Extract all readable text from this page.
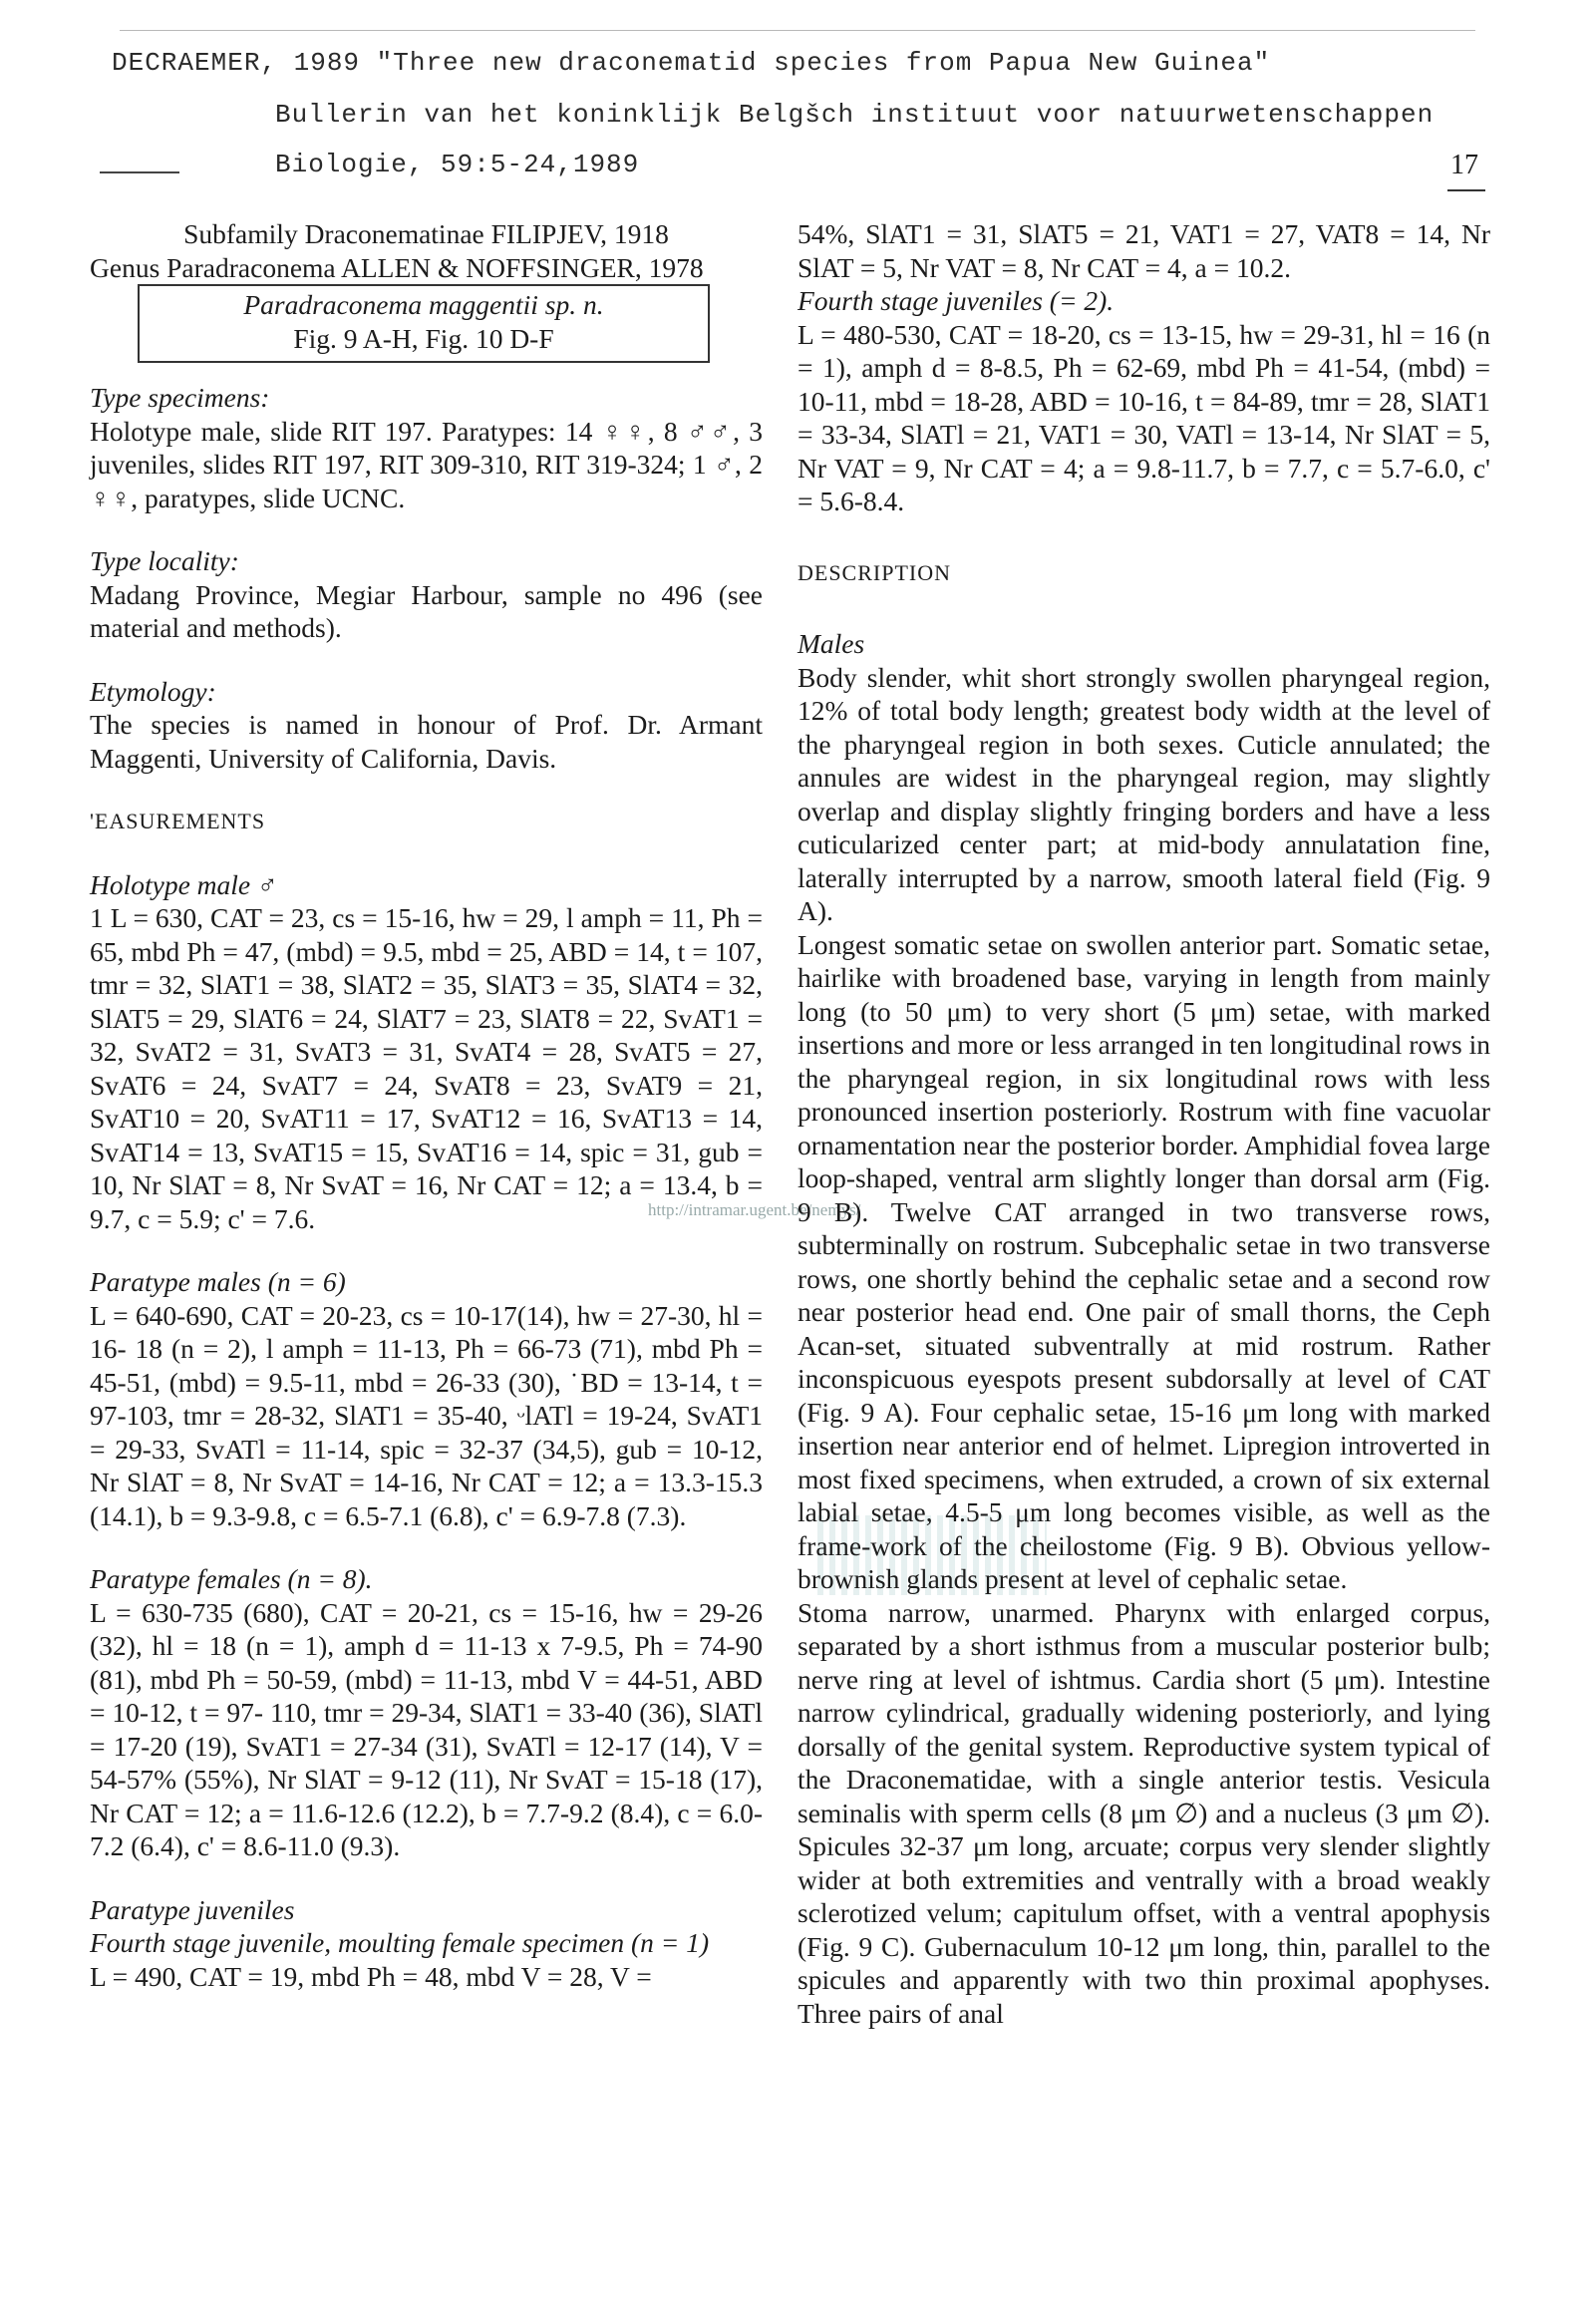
DECRAEMER, 1989 "Three new draconematid species from Papua New Guinea"
Bullerin van het koninklijk Belgšch instituut voor natuurwetenschappen
Biologie, 59:5-24,1989	17
http://intramar.ugent.be/nemys/

Subfamily Draconematinae FILIPJEV, 1918

Genus Paradraconema ALLEN & NOFFSINGER, 1978

Paradraconema maggentii sp. n.

Fig. 9 A-H, Fig. 10 D-F

Type specimens:

Holotype male, slide RIT 197. Paratypes: 14 ♀♀, 8 ♂♂, 3 juveniles, slides RIT 197, RIT 309-310, RIT 319-324; 1 ♂, 2 ♀♀, paratypes, slide UCNC.

Type locality:

Madang Province, Megiar Harbour, sample no 496 (see material and methods).

Etymology:

The species is named in honour of Prof. Dr. Armant Maggenti, University of California, Davis.

'EASUREMENTS

Holotype male ♂

1 L = 630, CAT = 23, cs = 15-16, hw = 29, l amph = 11, Ph = 65, mbd Ph = 47, (mbd) = 9.5, mbd = 25, ABD = 14, t = 107, tmr = 32, SlAT1 = 38, SlAT2 = 35, SlAT3 = 35, SlAT4 = 32, SlAT5 = 29, SlAT6 = 24, SlAT7 = 23, SlAT8 = 22, SvAT1 = 32, SvAT2 = 31, SvAT3 = 31, SvAT4 = 28, SvAT5 = 27, SvAT6 = 24, SvAT7 = 24, SvAT8 = 23, SvAT9 = 21, SvAT10 = 20, SvAT11 = 17, SvAT12 = 16, SvAT13 = 14, SvAT14 = 13, SvAT15 = 15, SvAT16 = 14, spic = 31, gub = 10, Nr SlAT = 8, Nr SvAT = 16, Nr CAT = 12; a = 13.4, b = 9.7, c = 5.9; c' = 7.6.

Paratype males (n = 6)

L = 640-690, CAT = 20-23, cs = 10-17(14), hw = 27-30, hl = 16- 18 (n = 2), l amph = 11-13, Ph = 66-73 (71), mbd Ph = 45-51, (mbd) = 9.5-11, mbd = 26-33 (30), ˙BD = 13-14, t = 97-103, tmr = 28-32, SlAT1 = 35-40, ᵕlATl = 19-24, SvAT1 = 29-33, SvATl = 11-14, spic = 32-37 (34,5), gub = 10-12, Nr SlAT = 8, Nr SvAT = 14-16, Nr CAT = 12; a = 13.3-15.3 (14.1), b = 9.3-9.8, c = 6.5-7.1 (6.8), c' = 6.9-7.8 (7.3).

Paratype females (n = 8).

L = 630-735 (680), CAT = 20-21, cs = 15-16, hw = 29-26 (32), hl = 18 (n = 1), amph d = 11-13 x 7-9.5, Ph = 74-90 (81), mbd Ph = 50-59, (mbd) = 11-13, mbd V = 44-51, ABD = 10-12, t = 97- 110, tmr = 29-34, SlAT1 = 33-40 (36), SlATl = 17-20 (19), SvAT1 = 27-34 (31), SvATl = 12-17 (14), V = 54-57% (55%), Nr SlAT = 9-12 (11), Nr SvAT = 15-18 (17), Nr CAT = 12; a = 11.6-12.6 (12.2), b = 7.7-9.2 (8.4), c = 6.0-7.2 (6.4), c' = 8.6-11.0 (9.3).

Paratype juveniles

Fourth stage juvenile, moulting female specimen (n = 1)

L = 490, CAT = 19, mbd Ph = 48, mbd V = 28, V =

54%, SlAT1 = 31, SlAT5 = 21, VAT1 = 27, VAT8 = 14, Nr SlAT = 5, Nr VAT = 8, Nr CAT = 4, a = 10.2.

Fourth stage juveniles (= 2).

L = 480-530, CAT = 18-20, cs = 13-15, hw = 29-31, hl = 16 (n = 1), amph d = 8-8.5, Ph = 62-69, mbd Ph = 41-54, (mbd) = 10-11, mbd = 18-28, ABD = 10-16, t = 84-89, tmr = 28, SlAT1 = 33-34, SlATl = 21, VAT1 = 30, VATl = 13-14, Nr SlAT = 5, Nr VAT = 9, Nr CAT = 4; a = 9.8-11.7, b = 7.7, c = 5.7-6.0, c' = 5.6-8.4.

DESCRIPTION

Males

Body slender, whit short strongly swollen pharyngeal region, 12% of total body length; greatest body width at the level of the pharyngeal region in both sexes. Cuticle annulated; the annules are widest in the pharyngeal region, may slightly overlap and display slightly fringing borders and have a less cuticularized center part; at mid-body annulatation fine, laterally interrupted by a narrow, smooth lateral field (Fig. 9 A).

Longest somatic setae on swollen anterior part. Somatic setae, hairlike with broadened base, varying in length from mainly long (to 50 μm) to very short (5 μm) setae, with marked insertions and more or less arranged in ten longitudinal rows in the pharyngeal region, in six longitudinal rows with less pronounced insertion posteriorly. Rostrum with fine vacuolar ornamentation near the posterior border. Amphidial fovea large loop-shaped, ventral arm slightly longer than dorsal arm (Fig. 9 B). Twelve CAT arranged in two transverse rows, subterminally on rostrum. Subcephalic setae in two transverse rows, one shortly behind the cephalic setae and a second row near posterior head end. One pair of small thorns, the Ceph Acan-set, situated subventrally at mid rostrum. Rather inconspicuous eyespots present subdorsally at level of CAT (Fig. 9 A). Four cephalic setae, 15-16 μm long with marked insertion near anterior end of helmet. Lipregion introverted in most fixed specimens, when extruded, a crown of six external labial setae, 4.5-5 μm long becomes visible, as well as the frame-work of the cheilostome (Fig. 9 B). Obvious yellow-brownish glands present at level of cephalic setae.

Stoma narrow, unarmed. Pharynx with enlarged corpus, separated by a short isthmus from a muscular posterior bulb; nerve ring at level of ishtmus. Cardia short (5 μm). Intestine narrow cylindrical, gradually widening posteriorly, and lying dorsally of the genital system. Reproductive system typical of the Draconematidae, with a single anterior testis. Vesicula seminalis with sperm cells (8 μm ∅) and a nucleus (3 μm ∅). Spicules 32-37 μm long, arcuate; corpus very slender slightly wider at both extremities and ventrally with a broad weakly sclerotized velum; capitulum offset, with a ventral apophysis (Fig. 9 C). Gubernaculum 10-12 μm long, thin, parallel to the spicules and apparently with two thin proximal apophyses. Three pairs of anal
